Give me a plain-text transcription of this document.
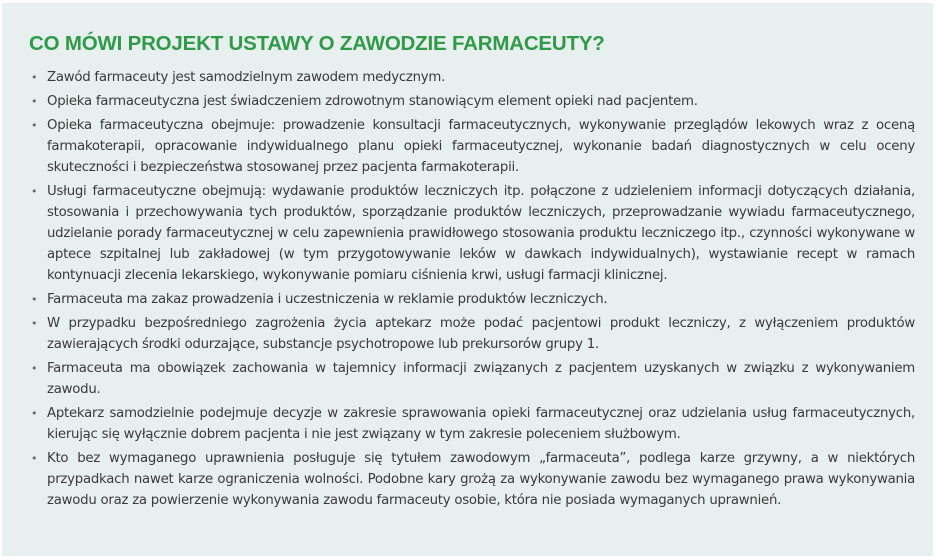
CO MÓWI PROJEKT USTAWY O ZAWODZIE FARMACEUTY?
• Zawód farmaceuty jest samodzielnym zawodem medycznym.
• Opieka farmaceutyczna jest świadczeniem zdrowotnym stanowiącym element opieki nad pacjentem.
• Opieka farmaceutyczna obejmuje: prowadzenie konsultacji farmaceutycznych, wykonywanie przeglądów lekowych wraz z oceną farmakoterapii, opracowanie indywidualnego planu opieki farmaceutycznej, wykonanie badań diagnostycznych w celu oceny skuteczności i bezpieczeństwa stosowanej przez pacjenta farmakoterapii.
• Usługi farmaceutyczne obejmują: wydawanie produktów leczniczych itp. połączone z udzieleniem informacji dotyczących działania, stosowania i przechowywania tych produktów, sporządzanie produktów leczniczych, przeprowadzanie wywiadu farmaceutycznego, udzielanie porady farmaceutycznej w celu zapewnienia prawidłowego stosowania produktu leczniczego itp., czynności wykonywane w aptece szpitalnej lub zakładowej (w tym przygotowywanie leków w dawkach indywidualnych), wystawianie recept w ramach kontynuacji zlecenia lekarskiego, wykonywanie pomiaru ciśnienia krwi, usługi farmacji klinicznej.
• Farmaceuta ma zakaz prowadzenia i uczestniczenia w reklamie produktów leczniczych.
• W przypadku bezpośredniego zagrożenia życia aptekarz może podać pacjentowi produkt leczniczy, z wyłączeniem produktów zawierających środki odurzające, substancje psychotropowe lub prekursorów grupy 1.
• Farmaceuta ma obowiązek zachowania w tajemnicy informacji związanych z pacjentem uzyskanych w związku z wykonywaniem zawodu.
• Aptekarz samodzielnie podejmuje decyzje w zakresie sprawowania opieki farmaceutycznej oraz udzielania usług farmaceutycznych, kierując się wyłącznie dobrem pacjenta i nie jest związany w tym zakresie poleceniem służbowym.
• Kto bez wymaganego uprawnienia posługuje się tytułem zawodowym „farmaceuta”, podlega karze grzywny, a w niektórych przypadkach nawet karze ograniczenia wolności. Podobne kary grożą za wykonywanie zawodu bez wymaganego prawa wykonywania zawodu oraz za powierzenie wykonywania zawodu farmaceuty osobie, która nie posiada wymaganych uprawnień.
